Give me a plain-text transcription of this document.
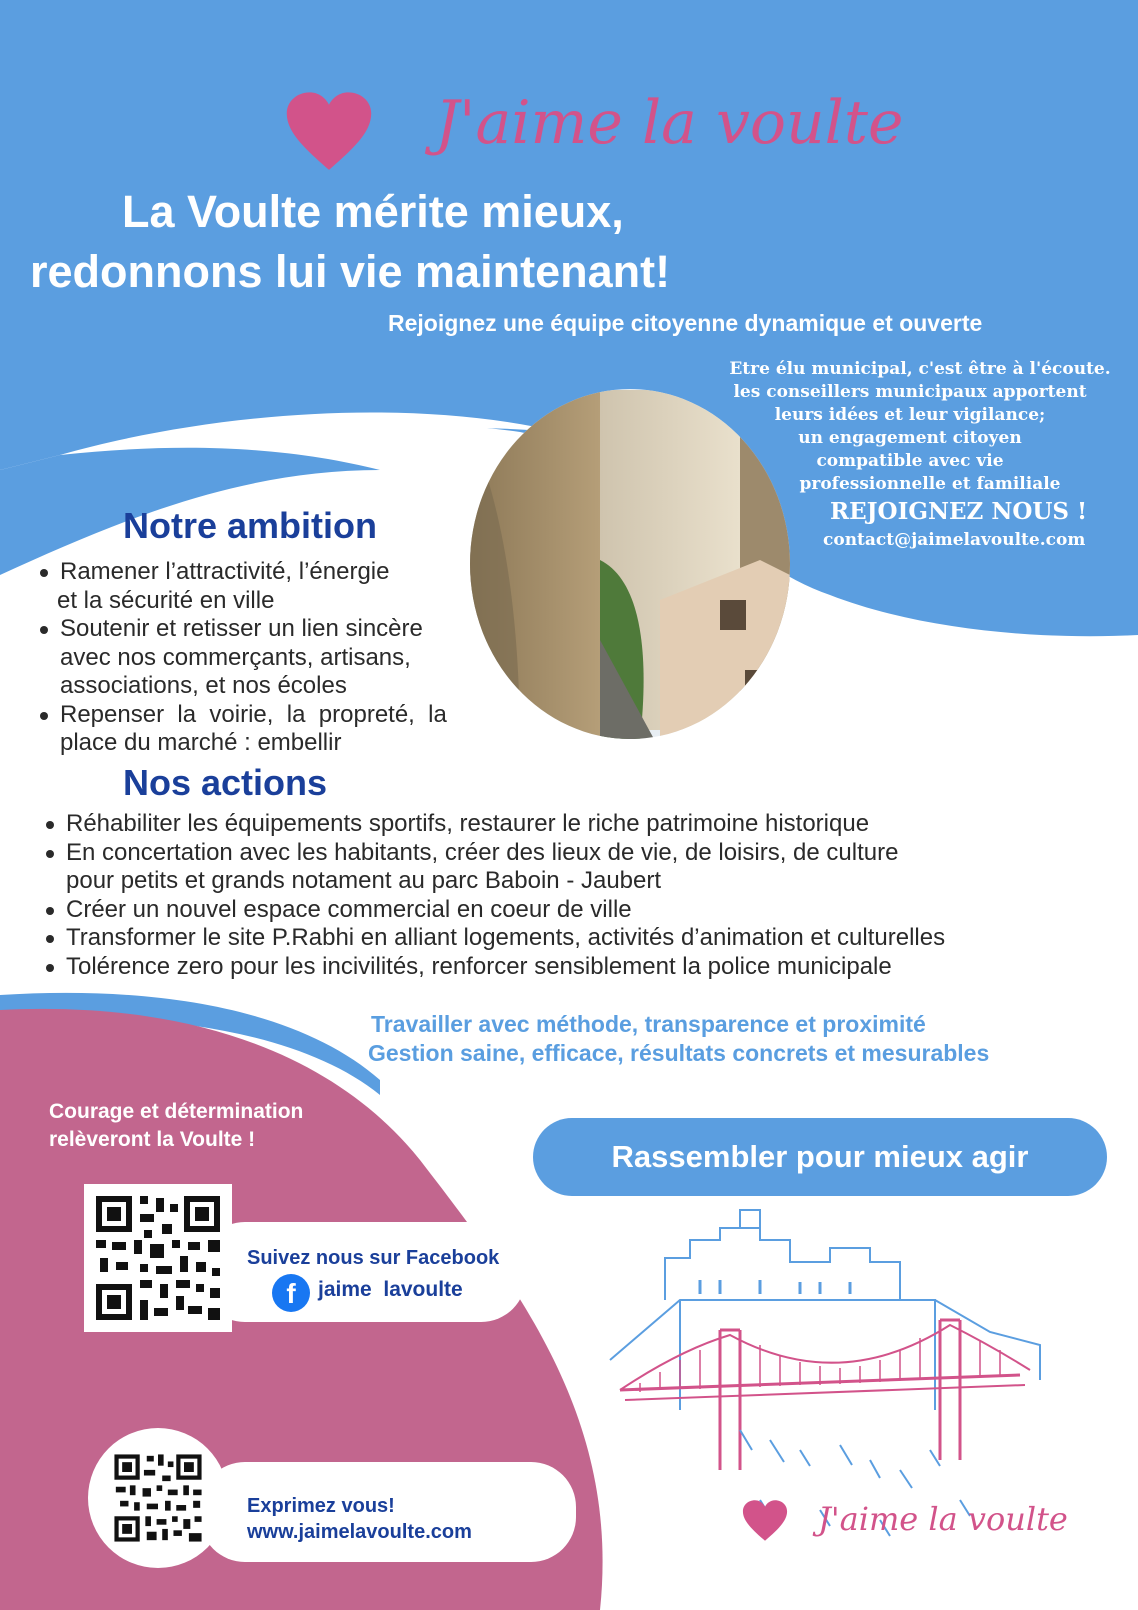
J'aime la voulte
La Voulte mérite mieux,
redonnons lui vie maintenant!
Rejoignez une équipe citoyenne dynamique et ouverte
Etre élu municipal, c'est être à l'écoute.
les conseillers municipaux apportent
leurs idées et leur vigilance;
un engagement citoyen
compatible avec vie
professionnelle et familiale
REJOIGNEZ NOUS !
contact@jaimelavoulte.com
Notre ambition
Ramener l’attractivité, l’énergie
et la sécurité en ville
Soutenir et retisser un lien sincère
avec nos commerçants, artisans,
associations, et nos écoles
Repenser  la  voirie,  la  propreté,  la
place du marché : embellir
Nos actions
Réhabiliter les équipements sportifs, restaurer le riche patrimoine historique
En concertation avec les habitants, créer des lieux de vie, de loisirs, de culture
pour petits et grands notament au parc Baboin - Jaubert
Créer un nouvel espace commercial en coeur de ville
Transformer le site P.Rabhi en alliant logements, activités d’animation et culturelles
Tolérence zero pour les incivilités, renforcer sensiblement la police municipale
Travailler avec méthode, transparence et proximité
Gestion saine, efficace, résultats concrets et mesurables
Courage et détermination
relèveront la Voulte !	Rassembler pour mieux agir
Suivez nous sur Facebook
f	jaime  lavoulte
Exprimez vous!
www.jaimelavoulte.com	J'aime la voulte
